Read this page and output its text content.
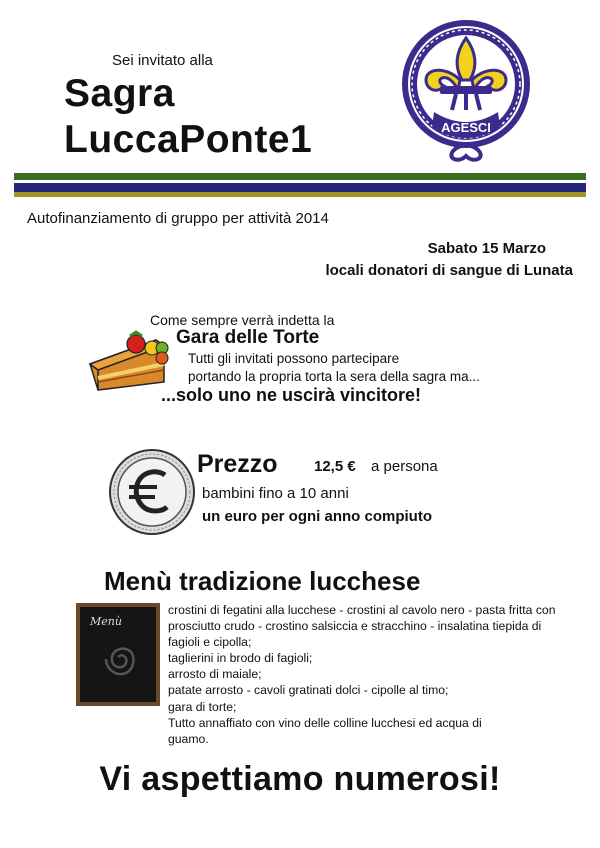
Sei invitato alla
Sagra
LuccaPonte1	AGESCI
Autofinanziamento di gruppo per attività 2014
Sabato 15 Marzo
locali donatori di sangue di Lunata
Come sempre verrà indetta la
Gara delle Torte
Tutti gli invitati possono partecipare
portando la propria torta la sera della sagra ma...
...solo uno ne uscirà vincitore!
Prezzo 12,5 € a persona
bambini fino a 10 anni
un euro per ogni anno compiuto
Menù tradizione lucchese
Menù
crostini di fegatini alla lucchese - crostini al cavolo nero - pasta fritta con
prosciutto crudo - crostino salsiccia e stracchino - insalatina tiepida di
fagioli e cipolla;
taglierini in brodo di fagioli;
arrosto di maiale;
patate arrosto - cavoli gratinati dolci - cipolle al timo;
gara di torte;
Tutto annaffiato con vino delle colline lucchesi ed acqua di
guamo.
Vi aspettiamo numerosi!
